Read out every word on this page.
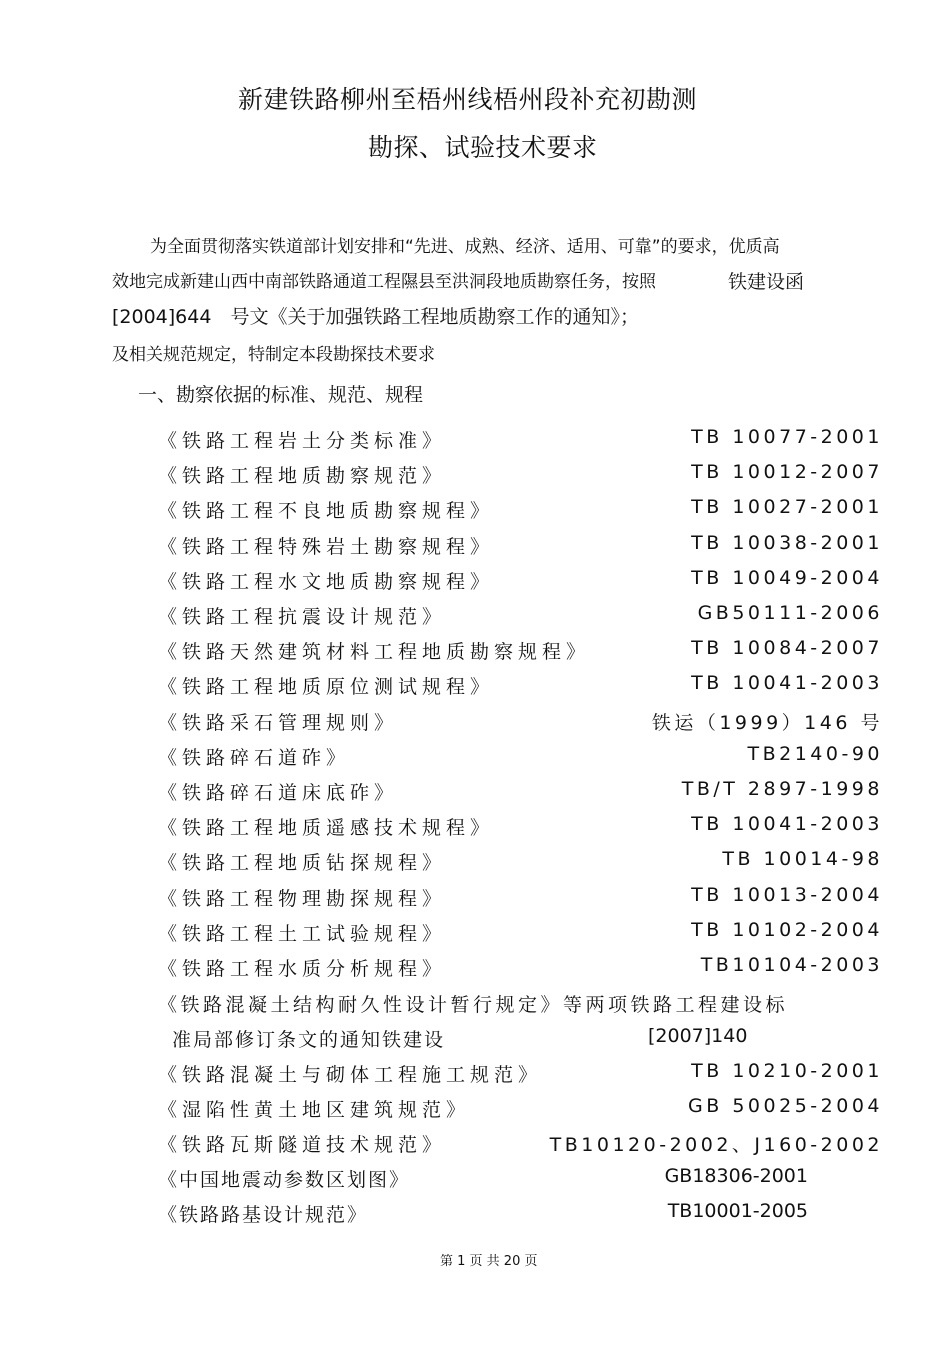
新建铁路柳州至梧州线梧州段补充初勘测
勘探、试验技术要求
为全面贯彻落实铁道部计划安排和“先进、成熟、经济、适用、可靠”的要求，优质高
效地完成新建山西中南部铁路通道工程隰县至洪洞段地质勘察任务，按照	铁建设函
[2004]644　号文《关于加强铁路工程地质勘察工作的通知》；
及相关规范规定，特制定本段勘探技术要求
一、勘察依据的标准、规范、规程
《铁路工程岩土分类标准》	TB 10077-2001
《铁路工程地质勘察规范》	TB 10012-2007
《铁路工程不良地质勘察规程》	TB 10027-2001
《铁路工程特殊岩土勘察规程》	TB 10038-2001
《铁路工程水文地质勘察规程》	TB 10049-2004
《铁路工程抗震设计规范》	GB50111-2006
《铁路天然建筑材料工程地质勘察规程》	TB 10084-2007
《铁路工程地质原位测试规程》	TB 10041-2003
《铁路采石管理规则》	铁运（1999）146 号
《铁路碎石道砟》	TB2140-90
《铁路碎石道床底砟》	TB/T 2897-1998
《铁路工程地质遥感技术规程》	TB 10041-2003
《铁路工程地质钻探规程》	TB 10014-98
《铁路工程物理勘探规程》	TB 10013-2004
《铁路工程土工试验规程》	TB 10102-2004
《铁路工程水质分析规程》	TB10104-2003
《铁路混凝土结构耐久性设计暂行规定》等两项铁路工程建设标
准局部修订条文的通知铁建设	[2007]140
《铁路混凝土与砌体工程施工规范》	TB 10210-2001
《湿陷性黄土地区建筑规范》	GB 50025-2004
《铁路瓦斯隧道技术规范》	TB10120-2002、J160-2002
《中国地震动参数区划图》	GB18306-2001
《铁路路基设计规范》	TB10001-2005
第 1 页 共 20 页
